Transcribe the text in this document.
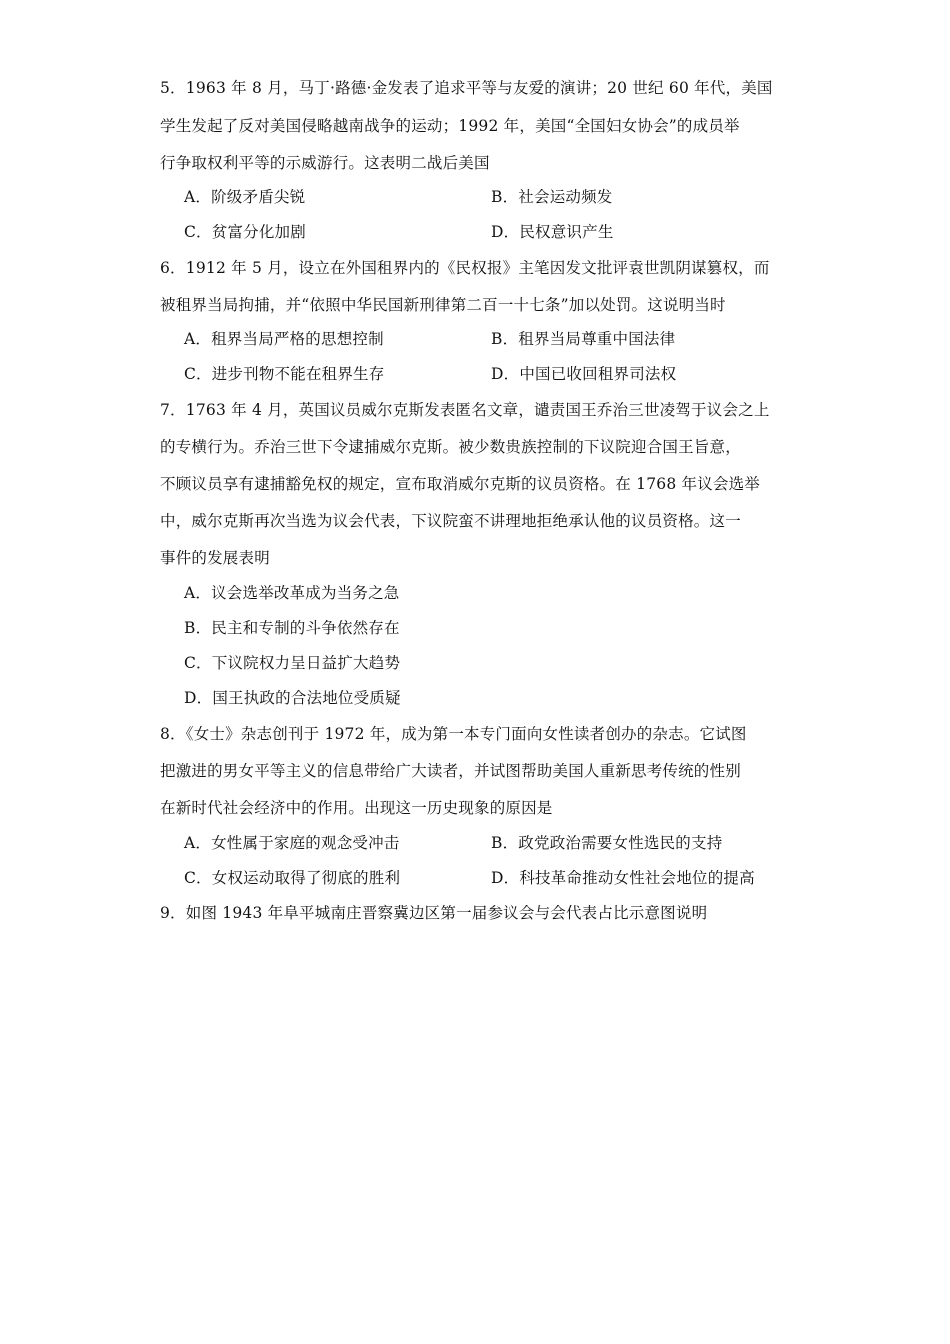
5．1963 年 8 月，马丁·路德·金发表了追求平等与友爱的演讲；20 世纪 60 年代，美国
学生发起了反对美国侵略越南战争的运动；1992 年，美国“全国妇女协会”的成员举
行争取权利平等的示威游行。这表明二战后美国
A．阶级矛盾尖锐	B．社会运动频发
C．贫富分化加剧	D．民权意识产生
6．1912 年 5 月，设立在外国租界内的《民权报》主笔因发文批评袁世凯阴谋篡权，而
被租界当局拘捕，并“依照中华民国新刑律第二百一十七条”加以处罚。这说明当时
A．租界当局严格的思想控制	B．租界当局尊重中国法律
C．进步刊物不能在租界生存	D．中国已收回租界司法权
7．1763 年 4 月，英国议员威尔克斯发表匿名文章，谴责国王乔治三世凌驾于议会之上
的专横行为。乔治三世下令逮捕威尔克斯。被少数贵族控制的下议院迎合国王旨意，
不顾议员享有逮捕豁免权的规定，宣布取消威尔克斯的议员资格。在 1768 年议会选举
中，威尔克斯再次当选为议会代表，下议院蛮不讲理地拒绝承认他的议员资格。这一
事件的发展表明
A．议会选举改革成为当务之急
B．民主和专制的斗争依然存在
C．下议院权力呈日益扩大趋势
D．国王执政的合法地位受质疑
8．《女士》杂志创刊于 1972 年，成为第一本专门面向女性读者创办的杂志。它试图
把激进的男女平等主义的信息带给广大读者，并试图帮助美国人重新思考传统的性别
在新时代社会经济中的作用。出现这一历史现象的原因是
A．女性属于家庭的观念受冲击	B．政党政治需要女性选民的支持
C．女权运动取得了彻底的胜利	D．科技革命推动女性社会地位的提高
9．如图 1943 年阜平城南庄晋察冀边区第一届参议会与会代表占比示意图说明
